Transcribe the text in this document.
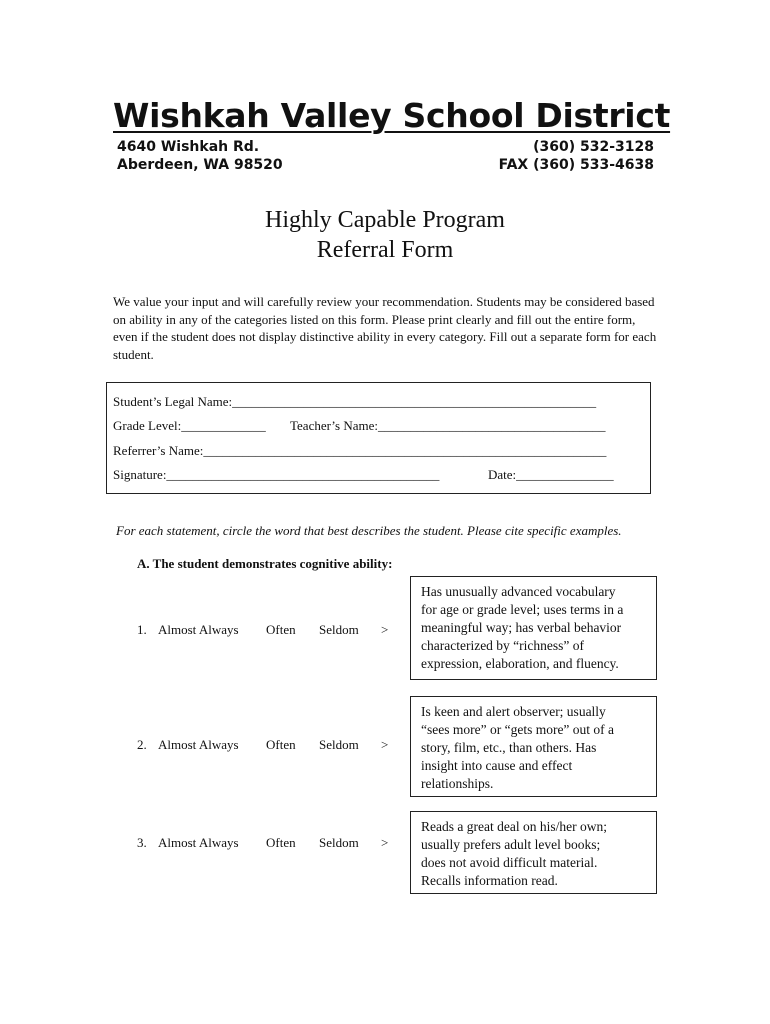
Wishkah Valley School District
4640 Wishkah Rd.
Aberdeen, WA 98520
(360) 532-3128
FAX (360) 533-4638
Highly Capable Program
Referral Form
We value your input and will carefully review your recommendation. Students may be considered based on ability in any of the categories listed on this form. Please print clearly and fill out the entire form, even if the student does not display distinctive ability in every category. Fill out a separate form for each student.
Student’s Legal Name:________________________________________________________
Grade Level:_____________ Teacher’s Name:___________________________________
Referrer’s Name:______________________________________________________________
Signature:__________________________________________	Date:_______________
For each statement, circle the word that best describes the student. Please cite specific examples.
A. The student demonstrates cognitive ability:
1. Almost Always Often Seldom >
Has unusually advanced vocabulary
for age or grade level; uses terms in a
meaningful way; has verbal behavior
characterized by “richness” of
expression, elaboration, and fluency.
2. Almost Always Often Seldom >
Is keen and alert observer; usually
“sees more” or “gets more” out of a
story, film, etc., than others. Has
insight into cause and effect
relationships.
3. Almost Always Often Seldom >
Reads a great deal on his/her own;
usually prefers adult level books;
does not avoid difficult material.
Recalls information read.
